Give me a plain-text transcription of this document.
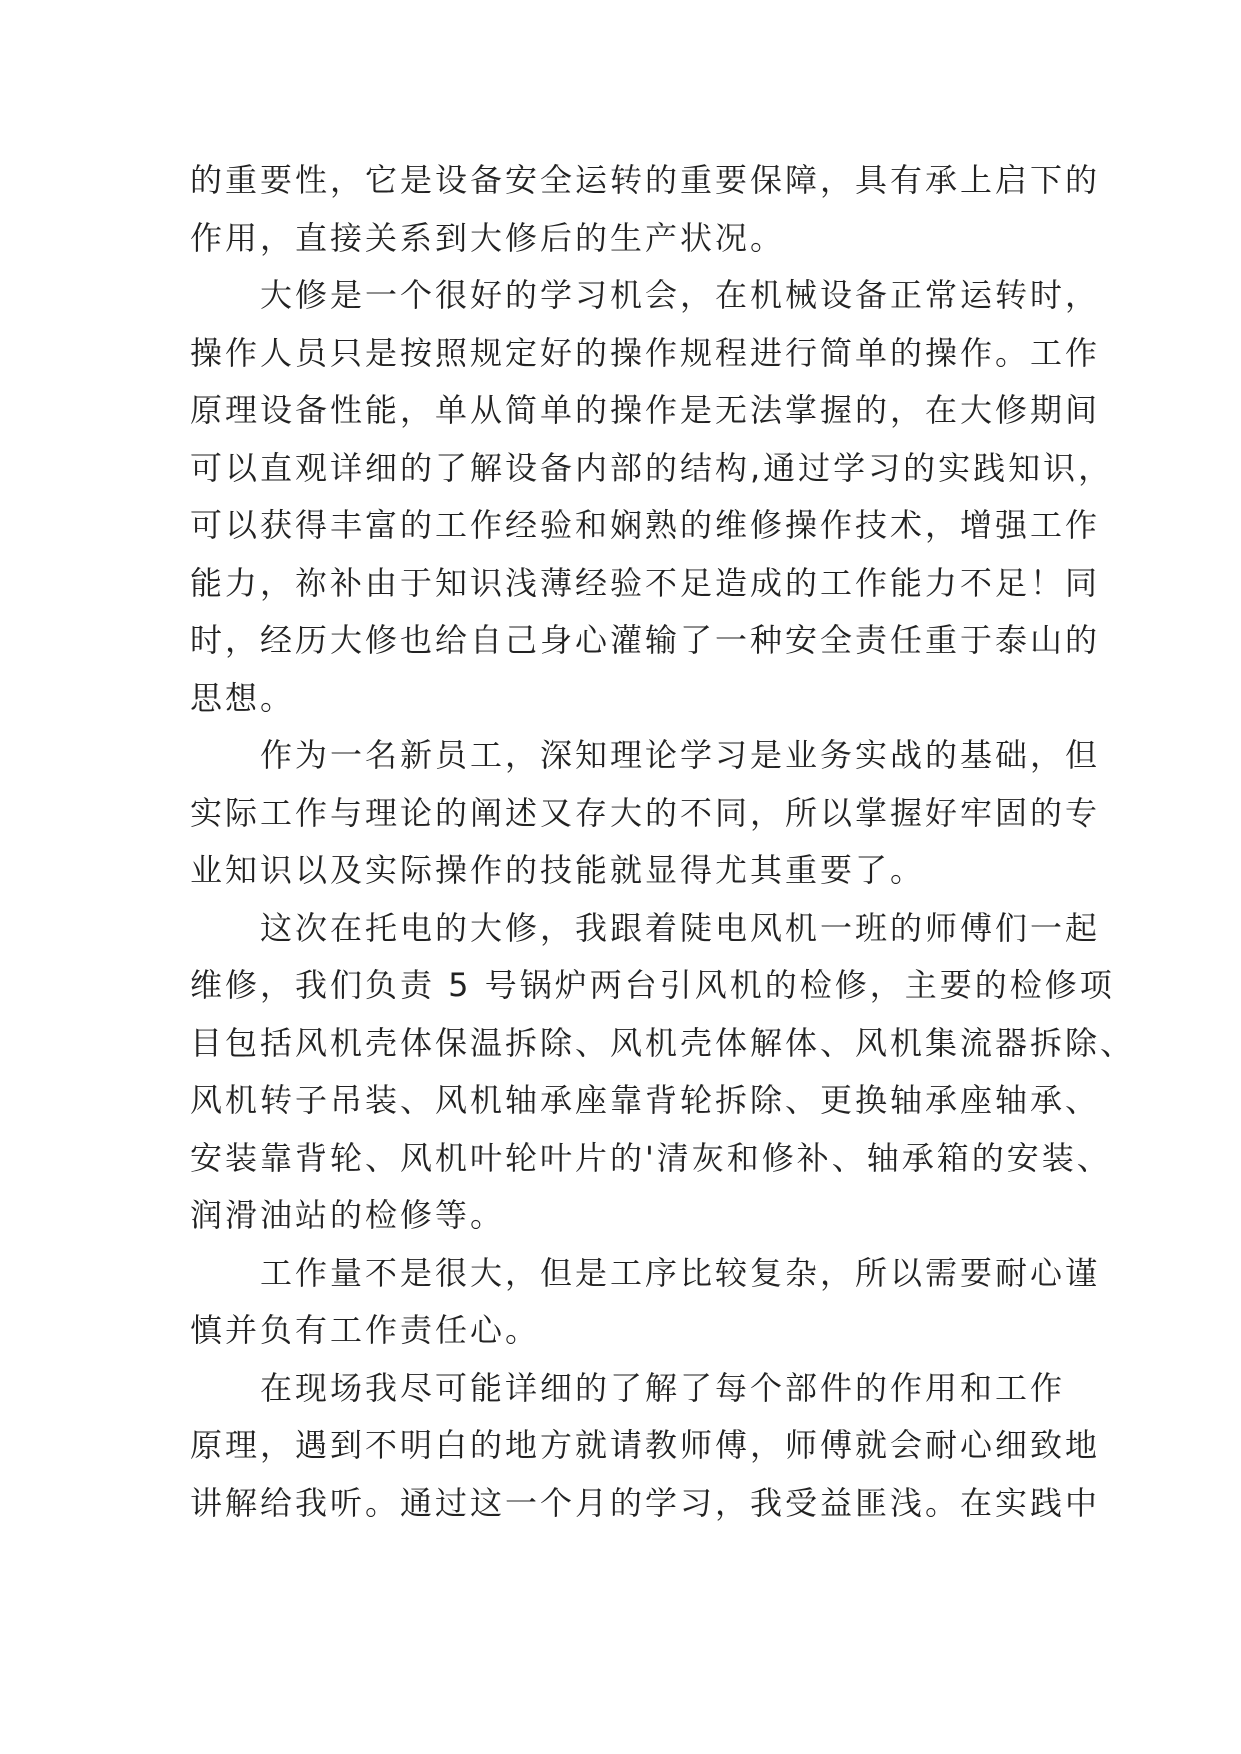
的重要性，它是设备安全运转的重要保障，具有承上启下的
作用，直接关系到大修后的生产状况。
大修是一个很好的学习机会，在机械设备正常运转时，
操作人员只是按照规定好的操作规程进行简单的操作。工作
原理设备性能，单从简单的操作是无法掌握的，在大修期间
可以直观详细的了解设备内部的结构,通过学习的实践知识，
可以获得丰富的工作经验和娴熟的维修操作技术，增强工作
能力，祢补由于知识浅薄经验不足造成的工作能力不足！同
时，经历大修也给自己身心灌输了一种安全责任重于泰山的
思想。
作为一名新员工，深知理论学习是业务实战的基础，但
实际工作与理论的阐述又存大的不同，所以掌握好牢固的专
业知识以及实际操作的技能就显得尤其重要了。
这次在托电的大修，我跟着陡电风机一班的师傅们一起
维修，我们负责 5 号锅炉两台引风机的检修，主要的检修项
目包括风机壳体保温拆除、风机壳体解体、风机集流器拆除、
风机转子吊装、风机轴承座靠背轮拆除、更换轴承座轴承、
安装靠背轮、风机叶轮叶片的'清灰和修补、轴承箱的安装、
润滑油站的检修等。
工作量不是很大，但是工序比较复杂，所以需要耐心谨
慎并负有工作责任心。
在现场我尽可能详细的了解了每个部件的作用和工作
原理，遇到不明白的地方就请教师傅，师傅就会耐心细致地
讲解给我听。通过这一个月的学习，我受益匪浅。在实践中
